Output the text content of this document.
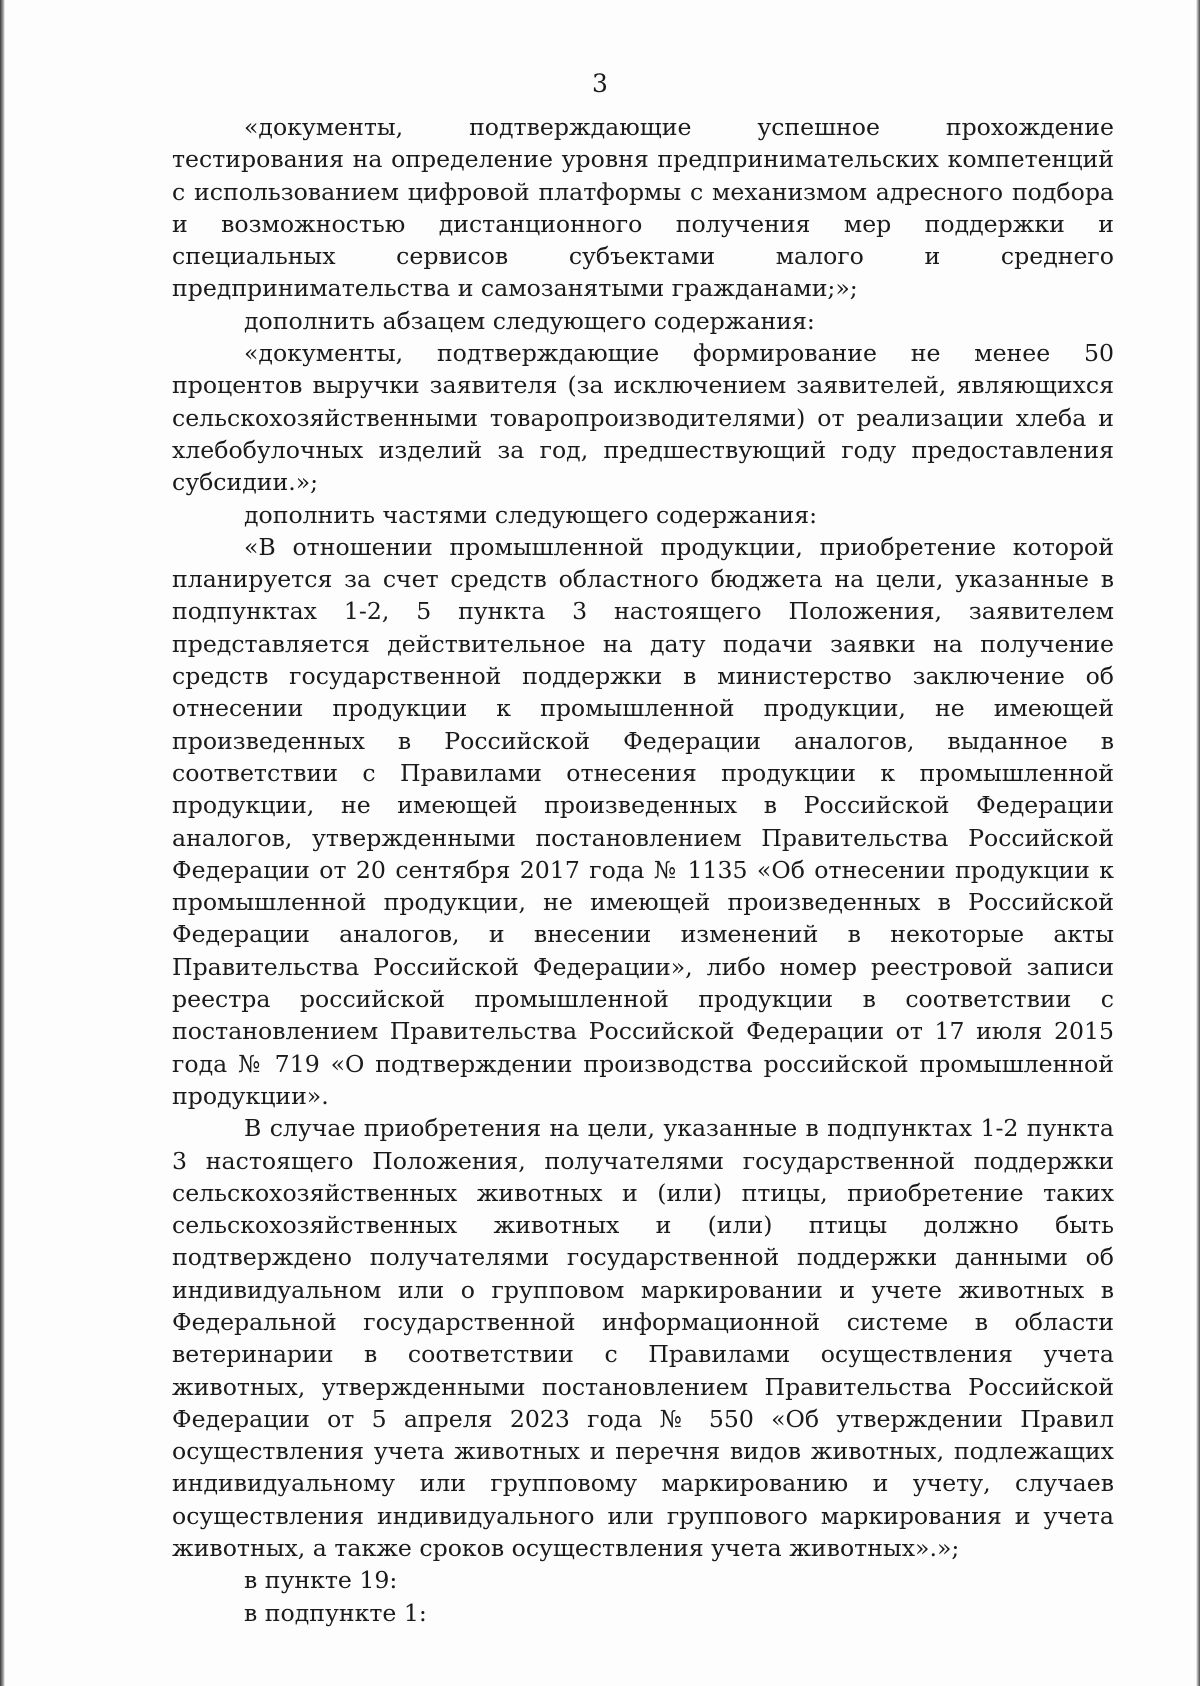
3

«документы, подтверждающие успешное прохождение тестирования на определение уровня предпринимательских компетенций с использованием цифровой платформы с механизмом адресного подбора и возможностью дистанционного получения мер поддержки и специальных сервисов субъектами малого и среднего предпринимательства и самозанятыми гражданами;»;

дополнить абзацем следующего содержания:

«документы, подтверждающие формирование не менее 50 процентов выручки заявителя (за исключением заявителей, являющихся сельскохозяйственными товаропроизводителями) от реализации хлеба и хлебобулочных изделий за год, предшествующий году предоставления субсидии.»;

дополнить частями следующего содержания:

«В отношении промышленной продукции, приобретение которой планируется за счет средств областного бюджета на цели, указанные в подпунктах 1-2, 5 пункта 3 настоящего Положения, заявителем представляется действительное на дату подачи заявки на получение средств государственной поддержки в министерство заключение об отнесении продукции к промышленной продукции, не имеющей произведенных в Российской Федерации аналогов, выданное в соответствии с Правилами отнесения продукции к промышленной продукции, не имеющей произведенных в Российской Федерации аналогов, утвержденными постановлением Правительства Российской Федерации от 20 сентября 2017 года № 1135 «Об отнесении продукции к промышленной продукции, не имеющей произведенных в Российской Федерации аналогов, и внесении изменений в некоторые акты Правительства Российской Федерации», либо номер реестровой записи реестра российской промышленной продукции в соответствии с постановлением Правительства Российской Федерации от 17 июля 2015 года № 719 «О подтверждении производства российской промышленной продукции».

В случае приобретения на цели, указанные в подпунктах 1-2 пункта 3 настоящего Положения, получателями государственной поддержки сельскохозяйственных животных и (или) птицы, приобретение таких сельскохозяйственных животных и (или) птицы должно быть подтверждено получателями государственной поддержки данными об индивидуальном или о групповом маркировании и учете животных в Федеральной государственной информационной системе в области ветеринарии в соответствии с Правилами осуществления учета животных, утвержденными постановлением Правительства Российской Федерации от 5 апреля 2023 года № 550 «Об утверждении Правил осуществления учета животных и перечня видов животных, подлежащих индивидуальному или групповому маркированию и учету, случаев осуществления индивидуального или группового маркирования и учета животных, а также сроков осуществления учета животных».»;

в пункте 19:

в подпункте 1:
